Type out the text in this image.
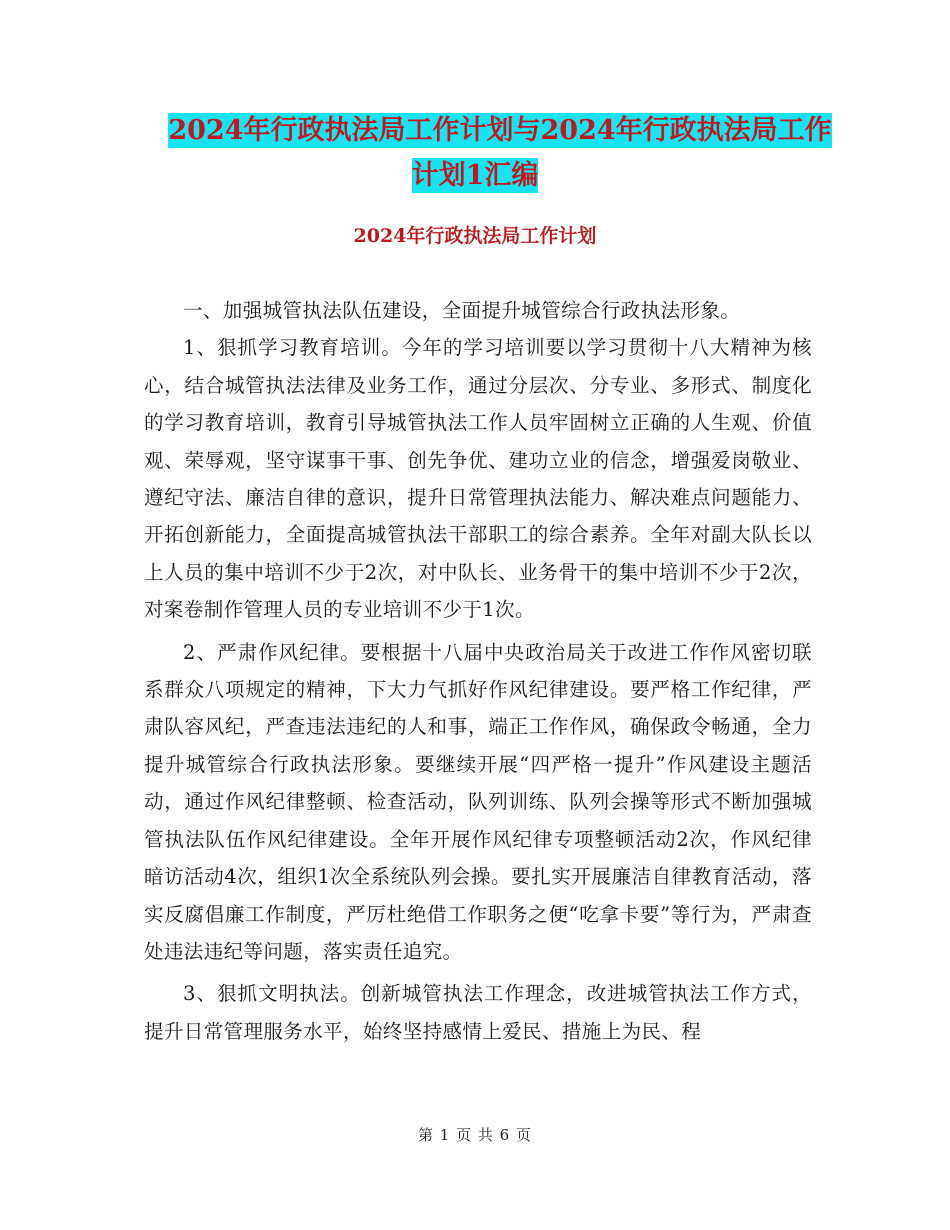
2024年行政执法局工作计划与2024年行政执法局工作
计划1汇编
2024年行政执法局工作计划

一、加强城管执法队伍建设，全面提升城管综合行政执法形象。

1、狠抓学习教育培训。今年的学习培训要以学习贯彻十八大精神为核心，结合城管执法法律及业务工作，通过分层次、分专业、多形式、制度化的学习教育培训，教育引导城管执法工作人员牢固树立正确的人生观、价值观、荣辱观，坚守谋事干事、创先争优、建功立业的信念，增强爱岗敬业、遵纪守法、廉洁自律的意识，提升日常管理执法能力、解决难点问题能力、开拓创新能力，全面提高城管执法干部职工的综合素养。全年对副大队长以上人员的集中培训不少于2次，对中队长、业务骨干的集中培训不少于2次，对案卷制作管理人员的专业培训不少于1次。

2、严肃作风纪律。要根据十八届中央政治局关于改进工作作风密切联系群众八项规定的精神，下大力气抓好作风纪律建设。要严格工作纪律，严肃队容风纪，严查违法违纪的人和事，端正工作作风，确保政令畅通，全力提升城管综合行政执法形象。要继续开展“四严格一提升”作风建设主题活动，通过作风纪律整顿、检查活动，队列训练、队列会操等形式不断加强城管执法队伍作风纪律建设。全年开展作风纪律专项整顿活动2次，作风纪律暗访活动4次，组织1次全系统队列会操。要扎实开展廉洁自律教育活动，落实反腐倡廉工作制度，严厉杜绝借工作职务之便“吃拿卡要”等行为，严肃查处违法违纪等问题，落实责任追究。

3、狠抓文明执法。创新城管执法工作理念，改进城管执法工作方式，提升日常管理服务水平，始终坚持感情上爱民、措施上为民、程

第 1 页 共 6 页
